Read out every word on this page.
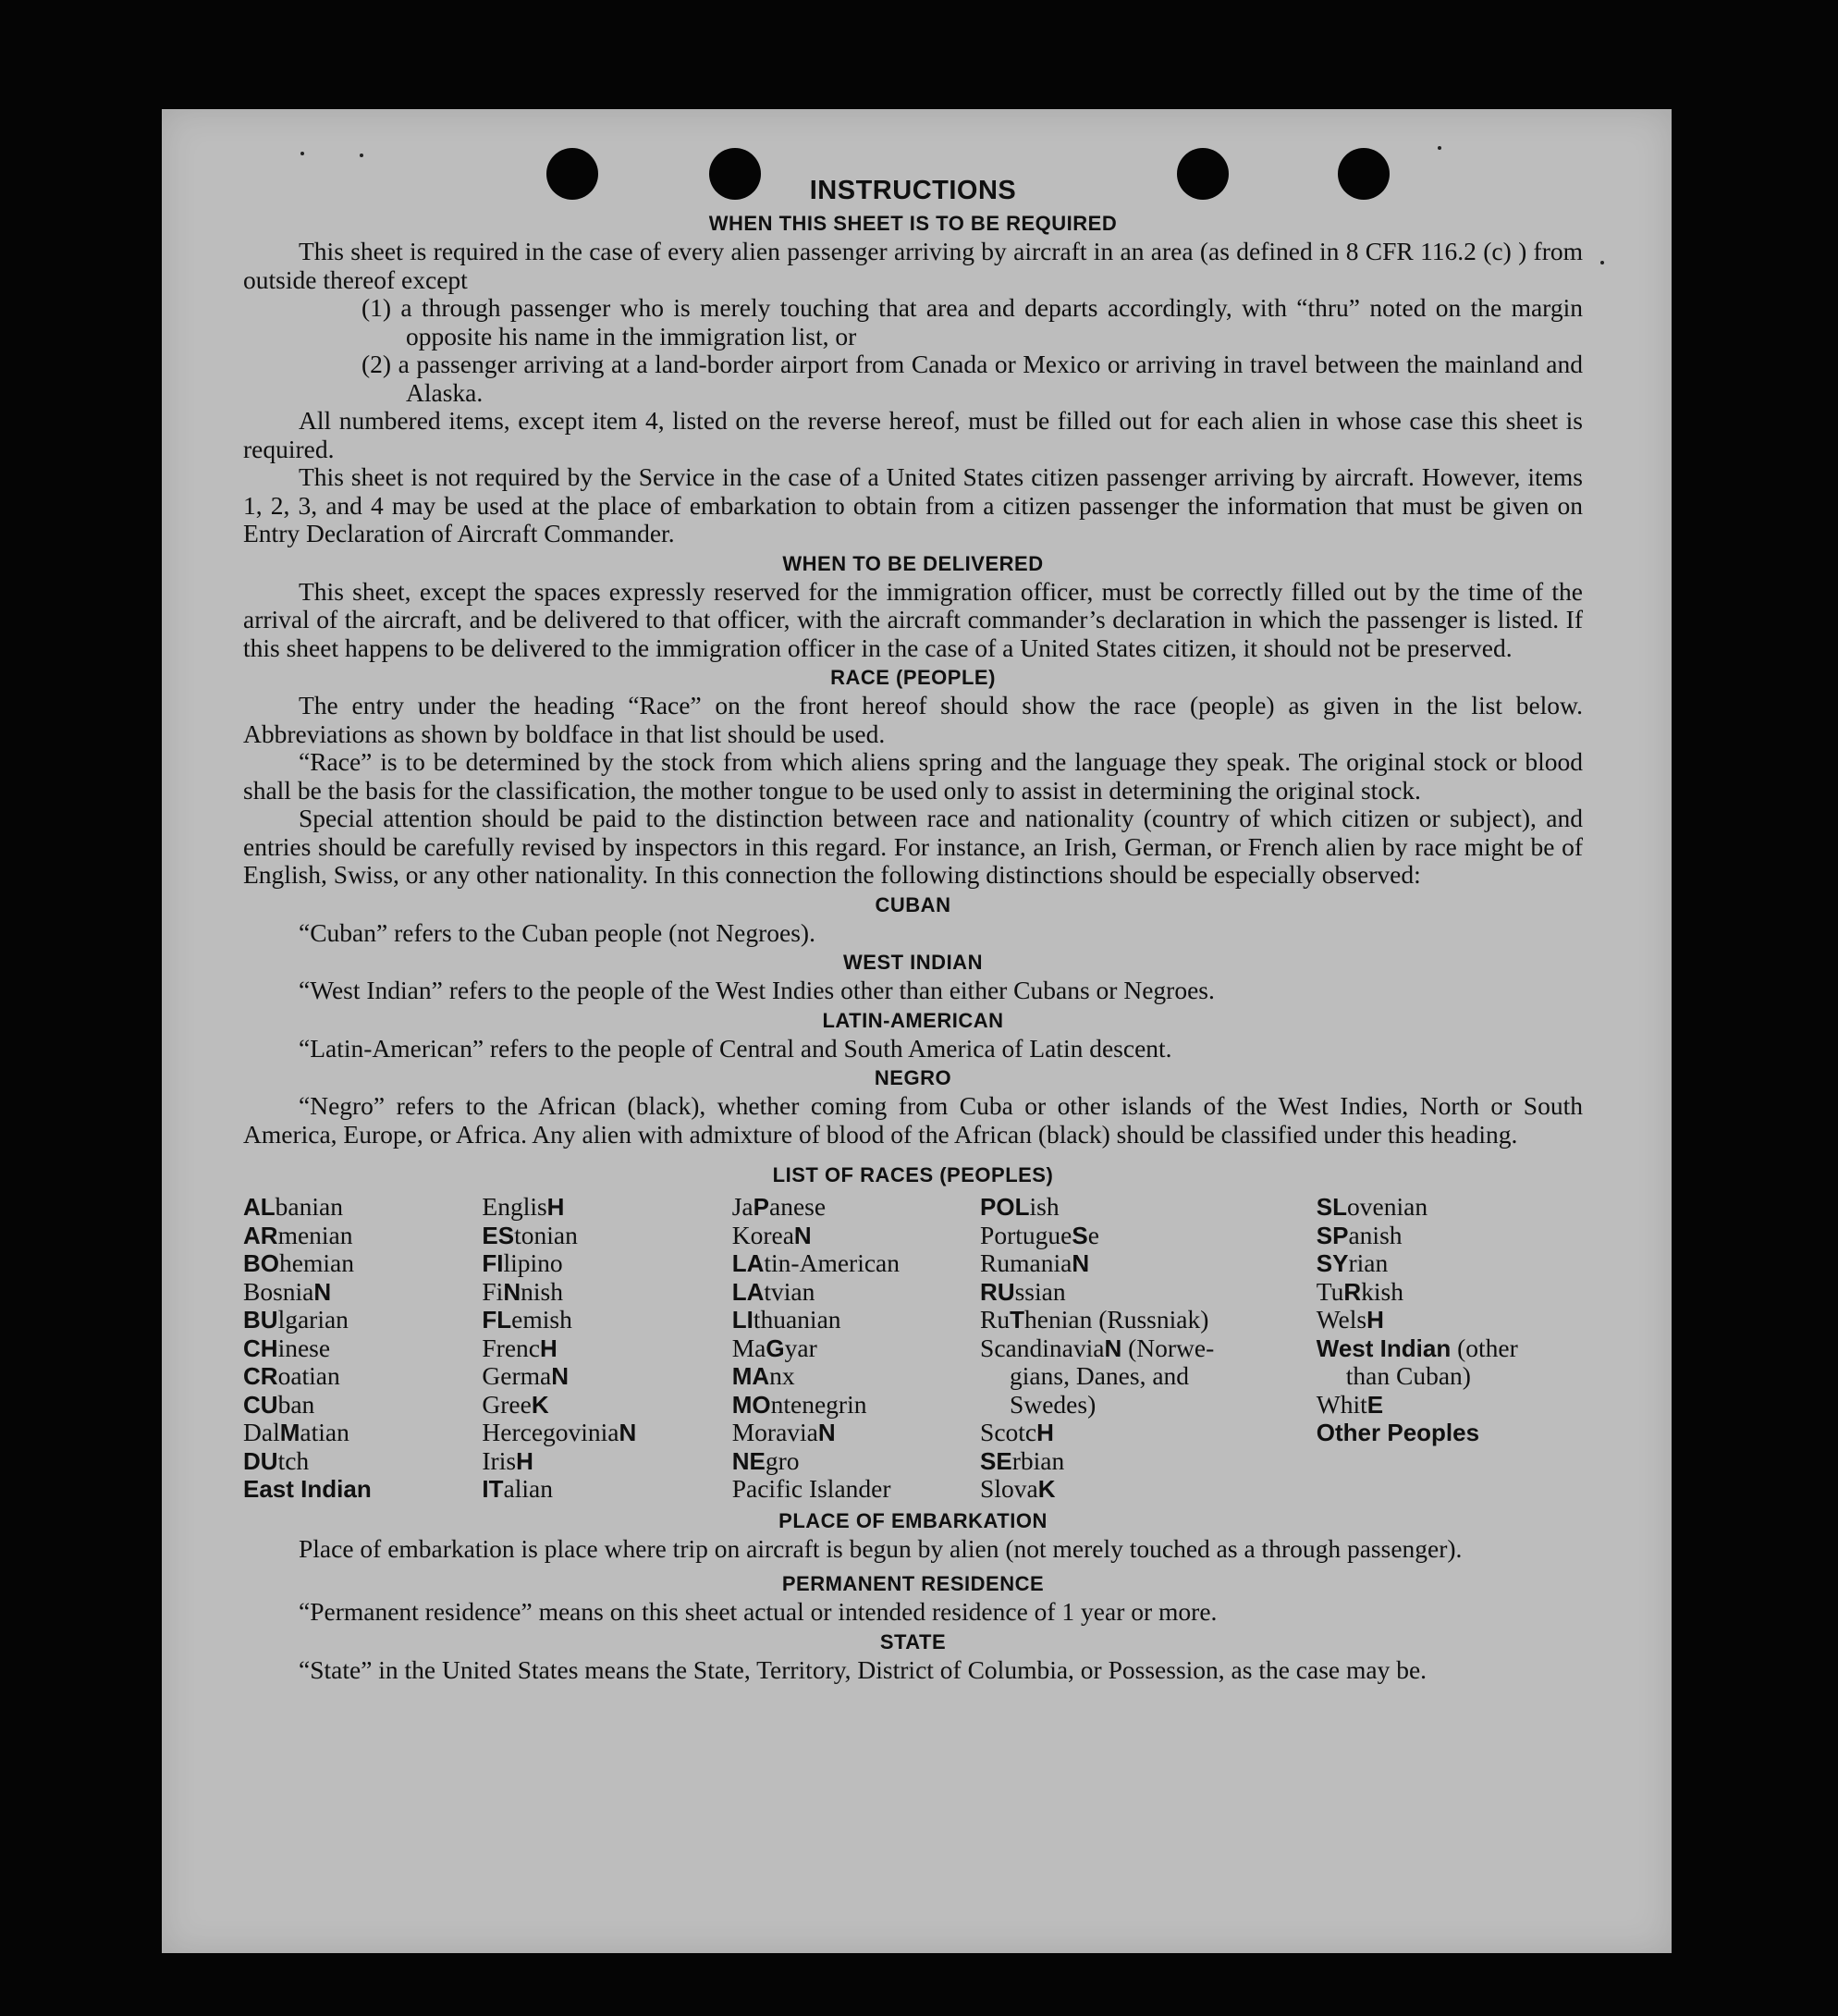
INSTRUCTIONS
WHEN THIS SHEET IS TO BE REQUIRED

This sheet is required in the case of every alien passenger arriving by aircraft in an area (as defined in 8 CFR 116.2 (c) ) from outside thereof except

(1) a through passenger who is merely touching that area and departs accordingly, with “thru” noted on the margin opposite his name in the immigration list, or

(2) a passenger arriving at a land-border airport from Canada or Mexico or arriving in travel between the mainland and Alaska.

All numbered items, except item 4, listed on the reverse hereof, must be filled out for each alien in whose case this sheet is required.

This sheet is not required by the Service in the case of a United States citizen passenger arriving by aircraft. However, items 1, 2, 3, and 4 may be used at the place of embarkation to obtain from a citizen passenger the information that must be given on Entry Declaration of Aircraft Commander.

WHEN TO BE DELIVERED

This sheet, except the spaces expressly reserved for the immigration officer, must be correctly filled out by the time of the arrival of the aircraft, and be delivered to that officer, with the aircraft commander’s declaration in which the passenger is listed. If this sheet happens to be delivered to the immigration officer in the case of a United States citizen, it should not be preserved.

RACE (PEOPLE)

The entry under the heading “Race” on the front hereof should show the race (people) as given in the list below. Abbreviations as shown by boldface in that list should be used.

“Race” is to be determined by the stock from which aliens spring and the language they speak. The original stock or blood shall be the basis for the classification, the mother tongue to be used only to assist in determining the original stock.

Special attention should be paid to the distinction between race and nationality (country of which citizen or subject), and entries should be carefully revised by inspectors in this regard. For instance, an Irish, German, or French alien by race might be of English, Swiss, or any other nationality. In this connection the following distinctions should be especially observed:

CUBAN

“Cuban” refers to the Cuban people (not Negroes).

WEST INDIAN

“West Indian” refers to the people of the West Indies other than either Cubans or Negroes.

LATIN-AMERICAN

“Latin-American” refers to the people of Central and South America of Latin descent.

NEGRO

“Negro” refers to the African (black), whether coming from Cuba or other islands of the West Indies, North or South America, Europe, or Africa. Any alien with admixture of blood of the African (black) should be classified under this heading.

LIST OF RACES (PEOPLES)
ALbanian
ARmenian
BOhemian
BosniaN
BUlgarian
CHinese
CRoatian
CUban
DalMatian
DUtch
East Indian
EnglisH
EStonian
FIlipino
FiNnish
FLemish
FrencH
GermaN
GreeK
HercegoviniaN
IrisH
ITalian
JaPanese
KoreaN
LAtin-American
LAtvian
LIthuanian
MaGyar
MAnx
MOntenegrin
MoraviaN
NEgro
Pacific Islander
POLish
PortugueSe
RumaniaN
RUssian
RuThenian (Russniak)
ScandinaviaN (Norwe-
gians, Danes, and
Swedes)
ScotcH
SErbian
SlovaK
SLovenian
SPanish
SYrian
TuRkish
WelsH
West Indian (other
than Cuban)
WhitE
Other Peoples
PLACE OF EMBARKATION

Place of embarkation is place where trip on aircraft is begun by alien (not merely touched as a through passenger).

PERMANENT RESIDENCE

“Permanent residence” means on this sheet actual or intended residence of 1 year or more.

STATE

“State” in the United States means the State, Territory, District of Columbia, or Possession, as the case may be.
